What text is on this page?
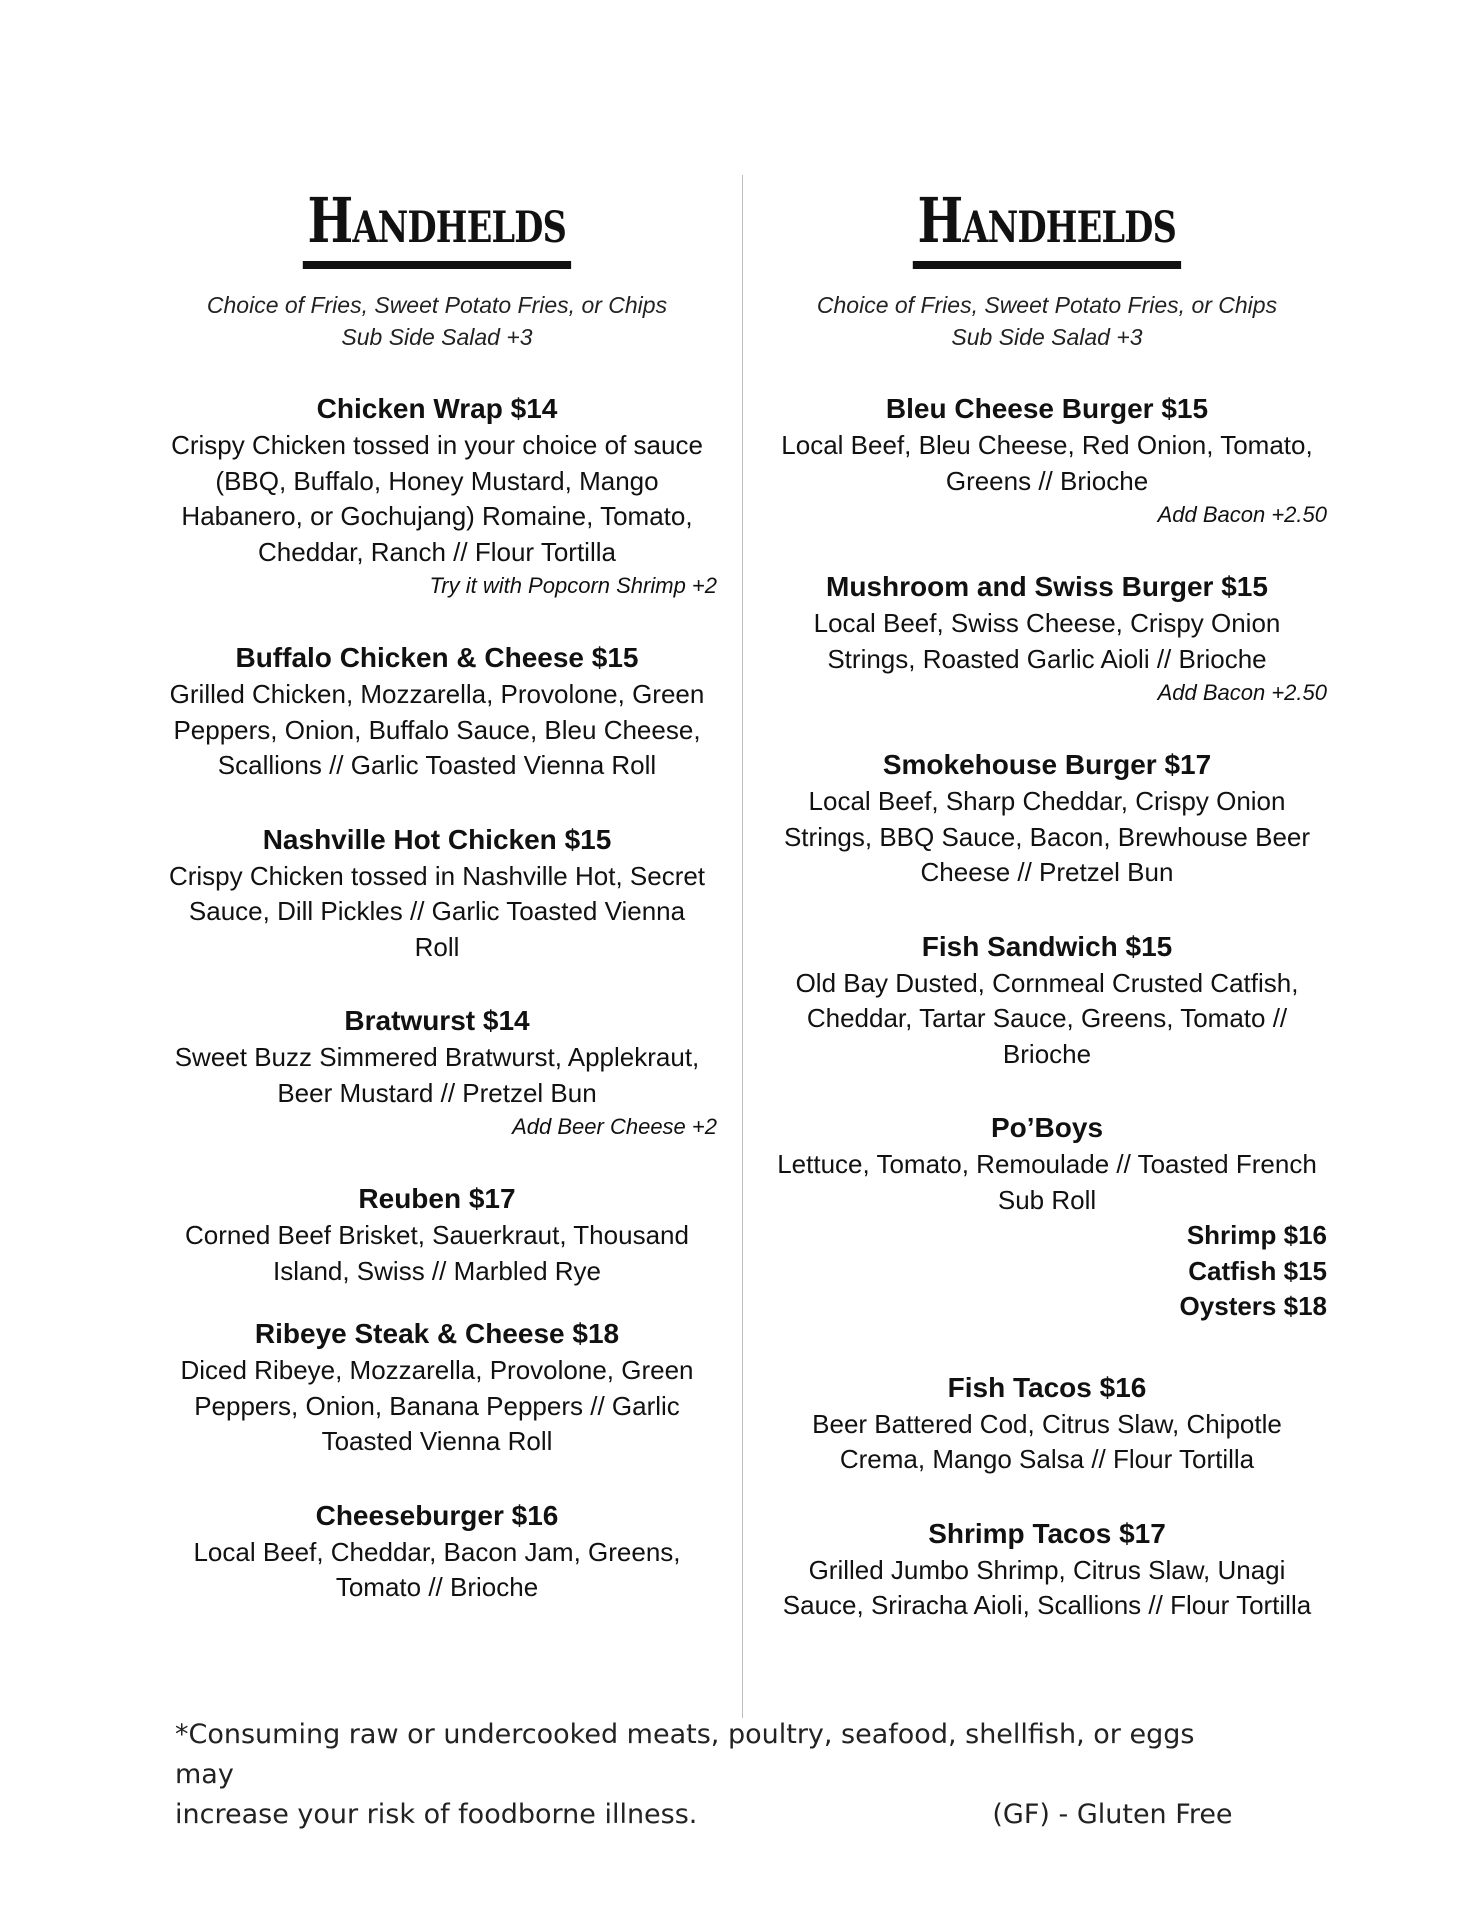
Handhelds
Choice of Fries, Sweet Potato Fries, or Chips
Sub Side Salad +3
Chicken Wrap $14
Crispy Chicken tossed in your choice of sauce (BBQ, Buffalo, Honey Mustard, Mango Habanero, or Gochujang) Romaine, Tomato, Cheddar, Ranch // Flour Tortilla
Try it with Popcorn Shrimp +2
Buffalo Chicken & Cheese $15
Grilled Chicken, Mozzarella, Provolone, Green Peppers, Onion, Buffalo Sauce, Bleu Cheese, Scallions // Garlic Toasted Vienna Roll
Nashville Hot Chicken $15
Crispy Chicken tossed in Nashville Hot, Secret Sauce, Dill Pickles // Garlic Toasted Vienna Roll
Bratwurst $14
Sweet Buzz Simmered Bratwurst, Applekraut, Beer Mustard // Pretzel Bun
Add Beer Cheese +2
Reuben $17
Corned Beef Brisket, Sauerkraut, Thousand Island, Swiss // Marbled Rye
Ribeye Steak & Cheese $18
Diced Ribeye, Mozzarella, Provolone, Green Peppers, Onion, Banana Peppers // Garlic Toasted Vienna Roll
Cheeseburger $16
Local Beef, Cheddar, Bacon Jam, Greens, Tomato // Brioche
Handhelds
Choice of Fries, Sweet Potato Fries, or Chips
Sub Side Salad +3
Bleu Cheese Burger $15
Local Beef, Bleu Cheese, Red Onion, Tomato, Greens // Brioche
Add Bacon +2.50
Mushroom and Swiss Burger $15
Local Beef, Swiss Cheese, Crispy Onion Strings, Roasted Garlic Aioli // Brioche
Add Bacon +2.50
Smokehouse Burger $17
Local Beef, Sharp Cheddar, Crispy Onion Strings, BBQ Sauce, Bacon, Brewhouse Beer Cheese // Pretzel Bun
Fish Sandwich $15
Old Bay Dusted, Cornmeal Crusted Catfish, Cheddar, Tartar Sauce, Greens, Tomato // Brioche
Po’Boys
Lettuce, Tomato, Remoulade // Toasted French Sub Roll
Shrimp $16
Catfish $15
Oysters $18
Fish Tacos $16
Beer Battered Cod, Citrus Slaw, Chipotle Crema, Mango Salsa // Flour Tortilla
Shrimp Tacos $17
Grilled Jumbo Shrimp, Citrus Slaw, Unagi Sauce, Sriracha Aioli, Scallions // Flour Tortilla
*Consuming raw or undercooked meats, poultry, seafood, shellfish, or eggs may
increase your risk of foodborne illness.	(GF) - Gluten Free
